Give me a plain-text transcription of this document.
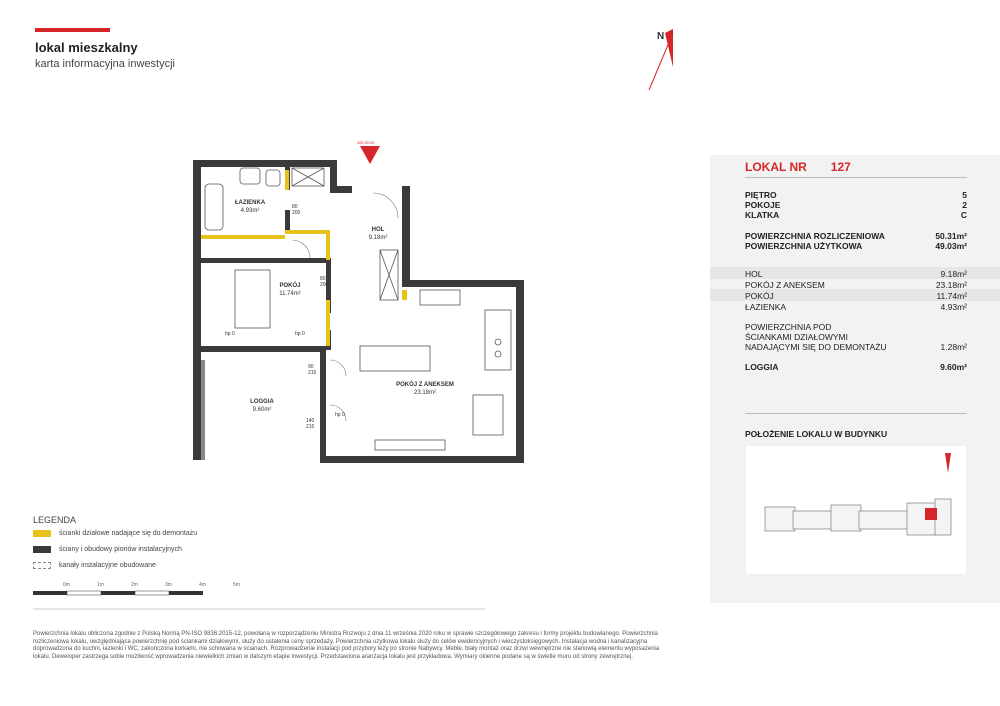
lokal mieszkalny
karta informacyjna inwestycji
N
WEJŚCIE
ŁAZIENKA
4.93m²
HOL
9.18m²
POKÓJ
11.74m²
POKÓJ Z ANEKSEM
23.18m²
LOGGIA
9.60m²
80
200
80
200
90
215
140
215
hp 0	hp 0
hp 0
LOKAL NR 127
PIĘTRO	5
POKOJE	2
KLATKA	C
POWIERZCHNIA ROZLICZENIOWA	50.31m²
POWIERZCHNIA UŻYTKOWA	49.03m²
HOL	9.18m²
POKÓJ Z ANEKSEM	23.18m²
POKÓJ	11.74m²
ŁAZIENKA	4.93m²
POWIERZCHNIA POD
ŚCIANKAMI DZIAŁOWYMI
NADAJĄCYMI SIĘ DO DEMONTAŻU	1.28m²
LOGGIA	9.60m²
POŁOŻENIE LOKALU W BUDYNKU
LEGENDA
ścianki działowe nadające się do demontażu
ściany i obudowy pionów instalacyjnych
kanały instalacyjne obudowane
0m	1m	2m	3m	4m	5m
Powierzchnia lokalu obliczona zgodnie z Polską Normą PN-ISO 9836:2015-12, powołaną w rozporządzeniu Ministra Rozwoju z dnia 11 września 2020 roku w sprawie szczegółowego zakresu i formy projektu budowlanego. Powierzchnia rozliczeniowa lokalu, uwzględniająca powierzchnię pod ściankami działowymi, służy do ustalenia ceny sprzedaży. Powierzchnia użytkowa lokalu służy do celów ewidencyjnych i wieczystoksięgowych. Instalacja wodna i kanalizacyjna doprowadzona do kuchni, łazienki i WC, zakończona korkami, nie schowana w ścianach. Rozprowadzenie instalacji pod przybory leży po stronie Nabywcy. Meble, biały montaż oraz drzwi wewnętrzne nie stanowią elementu wyposażenia lokalu. Deweloper zastrzega sobie możliwość wprowadzenia niewielkich zmian w dalszym etapie inwestycji. Przedstawiona aranżacja lokalu jest przykładowa. Wymiary okienne podane są w świetle muru od strony zewnętrznej.
